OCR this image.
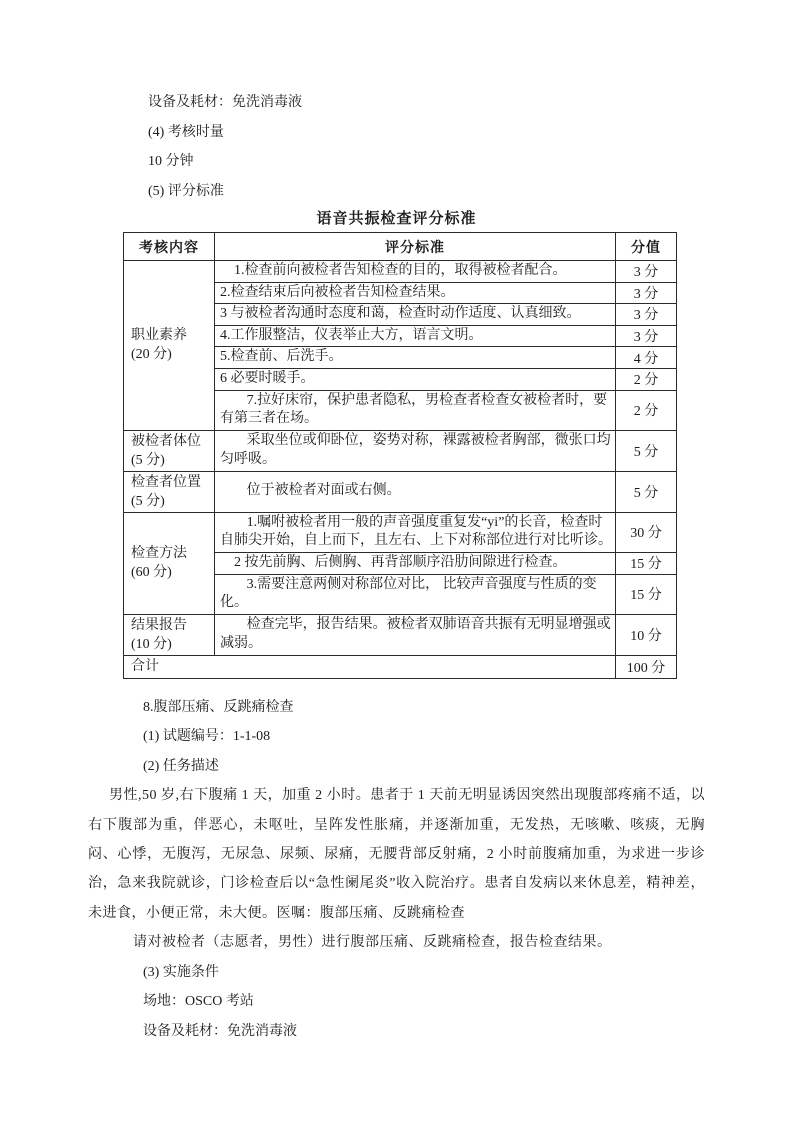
设备及耗材：免洗消毒液
(4) 考核时量
10 分钟
(5) 评分标准
语音共振检查评分标准
考核内容	评分标准	分值

职业素养
(20 分)	1.检查前向被检者告知检查的目的，取得被检者配合。	3 分
	2.检查结束后向被检者告知检查结果。	3 分
	3 与被检者沟通时态度和蔼，检查时动作适度、认真细致。	3 分
	4.工作服整洁，仪表举止大方，语言文明。	3 分
	5.检查前、后洗手。	4 分
	6 必要时暖手。	2 分
	7.拉好床帘，保护患者隐私，男检查者检查女被检者时，要有第三者在场。	2 分

被检者体位
(5 分)	采取坐位或仰卧位，姿势对称，裸露被检者胸部，微张口均匀呼吸。	5 分

检查者位置
(5 分)	位于被检者对面或右侧。	5 分

检查方法
(60 分)	1.嘱咐被检者用一般的声音强度重复发“yi”的长音，检查时自肺尖开始，自上而下，且左右、上下对称部位进行对比听诊。	30 分
	2 按先前胸、后侧胸、再背部顺序沿肋间隙进行检查。	15 分
	3.需要注意两侧对称部位对比， 比较声音强度与性质的变化。	15 分

结果报告
(10 分)	检查完毕，报告结果。被检者双肺语音共振有无明显增强或减弱。	10 分
合计		100 分
8.腹部压痛、反跳痛检查
(1) 试题编号：1-1-08
(2) 任务描述
男性,50 岁,右下腹痛 1 天，加重 2 小时。患者于 1 天前无明显诱因突然出现腹部疼痛不适，以右下腹部为重，伴恶心，未呕吐，呈阵发性胀痛，并逐渐加重，无发热，无咳嗽、咳痰，无胸闷、心悸，无腹泻，无尿急、尿频、尿痛，无腰背部反射痛，2 小时前腹痛加重，为求进一步诊治，急来我院就诊，门诊检查后以“急性阑尾炎”收入院治疗。患者自发病以来休息差，精神差，未进食，小便正常，未大便。医嘱：腹部压痛、反跳痛检查
请对被检者（志愿者，男性）进行腹部压痛、反跳痛检查，报告检查结果。
(3) 实施条件
场地：OSCO 考站
设备及耗材：免洗消毒液
